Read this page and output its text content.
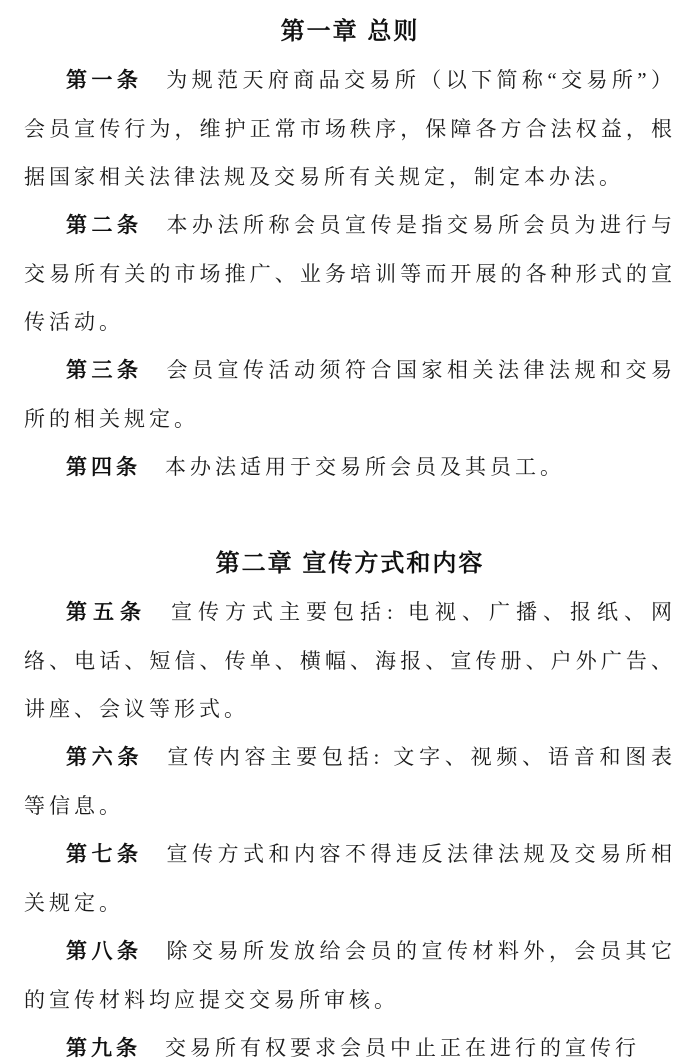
第一章 总则

第一条 为规范天府商品交易所（以下简称“交易所”）会员宣传行为，维护正常市场秩序，保障各方合法权益，根据国家相关法律法规及交易所有关规定，制定本办法。

第二条 本办法所称会员宣传是指交易所会员为进行与交易所有关的市场推广、业务培训等而开展的各种形式的宣传活动。

第三条 会员宣传活动须符合国家相关法律法规和交易所的相关规定。

第四条 本办法适用于交易所会员及其员工。

第二章 宣传方式和内容

第五条 宣传方式主要包括: 电视、广播、报纸、网络、电话、短信、传单、横幅、海报、宣传册、户外广告、讲座、会议等形式。

第六条 宣传内容主要包括: 文字、视频、语音和图表等信息。

第七条 宣传方式和内容不得违反法律法规及交易所相关规定。

第八条 除交易所发放给会员的宣传材料外，会员其它的宣传材料均应提交交易所审核。

第九条 交易所有权要求会员中止正在进行的宣传行
